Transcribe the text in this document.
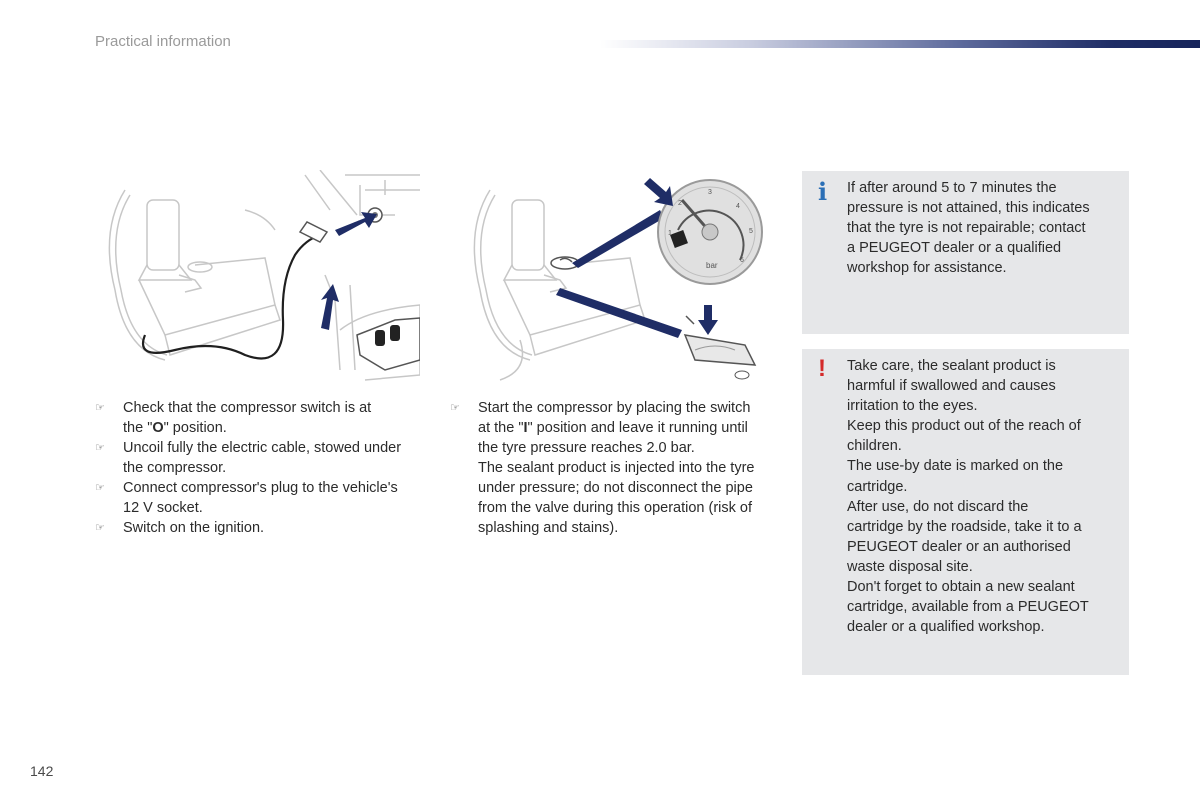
Practical information
1
2
3
4
5
6
bar
☞ Check that the compressor switch is at
the "O" position.
☞ Uncoil fully the electric cable, stowed under
the compressor.
☞ Connect compressor's plug to the vehicle's
12 V socket.
☞ Switch on the ignition.
☞ Start the compressor by placing the switch
at the "I" position and leave it running until
the tyre pressure reaches 2.0 bar.
The sealant product is injected into the tyre
under pressure; do not disconnect the pipe
from the valve during this operation (risk of
splashing and stains).
i If after around 5 to 7 minutes the
pressure is not attained, this indicates
that the tyre is not repairable; contact
a PEUGEOT dealer or a qualified
workshop for assistance.
! Take care, the sealant product is
harmful if swallowed and causes
irritation to the eyes.
Keep this product out of the reach of
children.
The use-by date is marked on the
cartridge.
After use, do not discard the
cartridge by the roadside, take it to a
PEUGEOT dealer or an authorised
waste disposal site.
Don't forget to obtain a new sealant
cartridge, available from a PEUGEOT
dealer or a qualified workshop.
142
